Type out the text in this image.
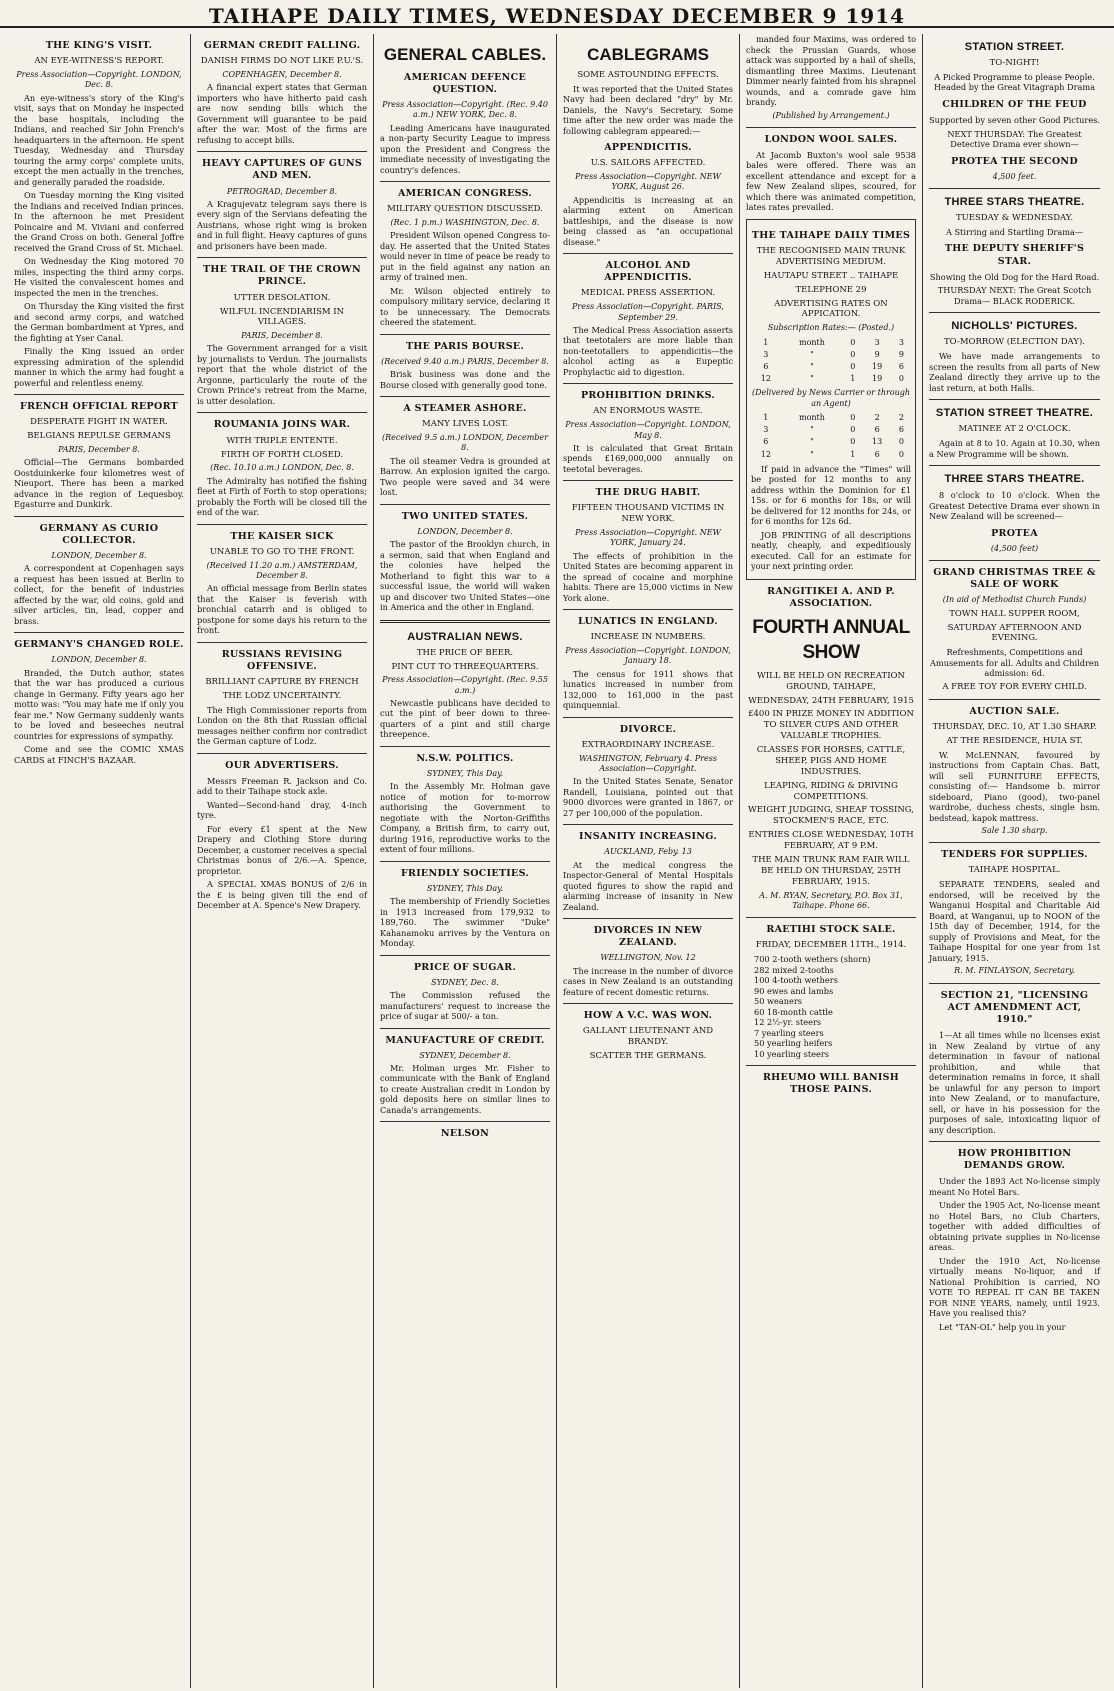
TAIHAPE DAILY TIMES, WEDNESDAY DECEMBER 9 1914
THE KING'S VISIT.
AN EYE-WITNESS'S REPORT.
Press Association—Copyright. LONDON, Dec. 8.

An eye-witness's story of the King's visit, says that on Monday he inspected the base hospitals, including the Indians, and reached Sir John French's headquarters in the afternoon. He spent Tuesday, Wednesday and Thursday touring the army corps' complete units, except the men actually in the trenches, and generally paraded the roadside.

On Tuesday morning the King visited the Indians and received Indian princes. In the afternoon he met President Poincaire and M. Viviani and conferred the Grand Cross on both. General Joffre received the Grand Cross of St. Michael.

On Wednesday the King motored 70 miles, inspecting the third army corps. He visited the convalescent homes and inspected the men in the trenches.

On Thursday the King visited the first and second army corps, and watched the German bombardment at Ypres, and the fighting at Yser Canal.

Finally the King issued an order expressing admiration of the splendid manner in which the army had fought a powerful and relentless enemy.

FRENCH OFFICIAL REPORT
DESPERATE FIGHT IN WATER.
BELGIANS REPULSE GERMANS
PARIS, December 8.

Official—The Germans bombarded Oostduinkerke four kilometres west of Nieuport. There has been a marked advance in the region of Lequesboy. Egasturre and Dunkirk.

GERMANY AS CURIO COLLECTOR.
LONDON, December 8.

A correspondent at Copenhagen says a request has been issued at Berlin to collect, for the benefit of industries affected by the war, old coins, gold and silver articles, tin, lead, copper and brass.

GERMANY'S CHANGED ROLE.
LONDON, December 8.

Branded, the Dutch author, states that the war has produced a curious change in Germany. Fifty years ago her motto was: "You may hate me if only you fear me." Now Germany suddenly wants to be loved and beseeches neutral countries for expressions of sympathy.

Come and see the COMIC XMAS CARDS at FINCH'S BAZAAR.

GERMAN CREDIT FALLING.
DANISH FIRMS DO NOT LIKE P.U.'S.
COPENHAGEN, December 8.

A financial expert states that German importers who have hitherto paid cash are now sending bills which the Government will guarantee to be paid after the war. Most of the firms are refusing to accept bills.

HEAVY CAPTURES OF GUNS AND MEN.
PETROGRAD, December 8.

A Kragujevatz telegram says there is every sign of the Servians defeating the Austrians, whose right wing is broken and in full flight. Heavy captures of guns and prisoners have been made.

THE TRAIL OF THE CROWN PRINCE.
UTTER DESOLATION.
WILFUL INCENDIARISM IN VILLAGES.
PARIS, December 8.

The Government arranged for a visit by journalists to Verdun. The journalists report that the whole district of the Argonne, particularly the route of the Crown Prince's retreat from the Marne, is utter desolation.

ROUMANIA JOINS WAR.
WITH TRIPLE ENTENTE.
FIRTH OF FORTH CLOSED.
(Rec. 10.10 a.m.) LONDON, Dec. 8.

The Admiralty has notified the fishing fleet at Firth of Forth to stop operations; probably the Forth will be closed till the end of the war.

THE KAISER SICK
UNABLE TO GO TO THE FRONT.
(Received 11.20 a.m.) AMSTERDAM, December 8.

An official message from Berlin states that the Kaiser is feverish with bronchial catarrh and is obliged to postpone for some days his return to the front.

RUSSIANS REVISING OFFENSIVE.
BRILLIANT CAPTURE BY FRENCH
THE LODZ UNCERTAINTY.

The High Commissioner reports from London on the 8th that Russian official messages neither confirm nor contradict the German capture of Lodz.

OUR ADVERTISERS.

Messrs Freeman R. Jackson and Co. add to their Taihape stock axle.

Wanted—Second-hand dray, 4-inch tyre.

For every £1 spent at the New Drapery and Clothing Store during December, a customer receives a special Christmas bonus of 2/6.—A. Spence, proprietor.

A SPECIAL XMAS BONUS of 2/6 in the £ is being given till the end of December at A. Spence's New Drapery.

GENERAL CABLES.
AMERICAN DEFENCE QUESTION.
Press Association—Copyright. (Rec. 9.40 a.m.) NEW YORK, Dec. 8.

Leading Americans have inaugurated a non-party Security League to impress upon the President and Congress the immediate necessity of investigating the country's defences.

AMERICAN CONGRESS.
MILITARY QUESTION DISCUSSED.
(Rec. 1 p.m.) WASHINGTON, Dec. 8.

President Wilson opened Congress to-day. He asserted that the United States would never in time of peace be ready to put in the field against any nation an army of trained men.

Mr. Wilson objected entirely to compulsory military service, declaring it to be unnecessary. The Democrats cheered the statement.

THE PARIS BOURSE.
(Received 9.40 a.m.) PARIS, December 8.

Brisk business was done and the Bourse closed with generally good tone.

A STEAMER ASHORE.
MANY LIVES LOST.
(Received 9.5 a.m.) LONDON, December 8.

The oil steamer Vedra is grounded at Barrow. An explosion ignited the cargo. Two people were saved and 34 were lost.

TWO UNITED STATES.
LONDON, December 8.

The pastor of the Brooklyn church, in a sermon, said that when England and the colonies have helped the Motherland to fight this war to a successful issue, the world will waken up and discover two United States—one in America and the other in England.

AUSTRALIAN NEWS.
THE PRICE OF BEER.
PINT CUT TO THREEQUARTERS.
Press Association—Copyright. (Rec. 9.55 a.m.)

Newcastle publicans have decided to cut the pint of beer down to three-quarters of a pint and still charge threepence.

N.S.W. POLITICS.
SYDNEY, This Day.

In the Assembly Mr. Holman gave notice of motion for to-morrow authorising the Government to negotiate with the Norton-Griffiths Company, a British firm, to carry out, during 1916, reproductive works to the extent of four millions.

FRIENDLY SOCIETIES.
SYDNEY, This Day.

The membership of Friendly Societies in 1913 increased from 179,932 to 189,760. The swimmer "Duke" Kahanamoku arrives by the Ventura on Monday.

PRICE OF SUGAR.
SYDNEY, Dec. 8.

The Commission refused the manufacturers' request to increase the price of sugar at 500/- a ton.

MANUFACTURE OF CREDIT.
SYDNEY, December 8.

Mr. Holman urges Mr. Fisher to communicate with the Bank of England to create Australian credit in London by gold deposits here on similar lines to Canada's arrangements.

NELSON
CABLEGRAMS
SOME ASTOUNDING EFFECTS.

It was reported that the United States Navy had been declared "dry" by Mr. Daniels, the Navy's Secretary. Some time after the new order was made the following cablegram appeared:—

APPENDICITIS.
U.S. SAILORS AFFECTED.
Press Association—Copyright. NEW YORK, August 26.

Appendicitis is increasing at an alarming extent on American battleships, and the disease is now being classed as "an occupational disease."

ALCOHOL AND APPENDICITIS.
MEDICAL PRESS ASSERTION.
Press Association—Copyright. PARIS, September 29.

The Medical Press Association asserts that teetotalers are more liable than non-teetotallers to appendicitis—the alcohol acting as a Eupeptic Prophylactic aid to digestion.

PROHIBITION DRINKS.
AN ENORMOUS WASTE.
Press Association—Copyright. LONDON, May 8.

It is calculated that Great Britain spends £169,000,000 annually on teetotal beverages.

THE DRUG HABIT.
FIFTEEN THOUSAND VICTIMS IN NEW YORK.
Press Association—Copyright. NEW YORK, January 24.

The effects of prohibition in the United States are becoming apparent in the spread of cocaine and morphine habits. There are 15,000 victims in New York alone.

LUNATICS IN ENGLAND.
INCREASE IN NUMBERS.
Press Association—Copyright. LONDON, January 18.

The census for 1911 shows that lunatics increased in number from 132,000 to 161,000 in the past quinquennial.

DIVORCE.
EXTRAORDINARY INCREASE.
WASHINGTON, February 4. Press Association—Copyright.

In the United States Senate, Senator Randell, Louisiana, pointed out that 9000 divorces were granted in 1867, or 27 per 100,000 of the population.

INSANITY INCREASING.
AUCKLAND, Feby. 13

At the medical congress the Inspector-General of Mental Hospitals quoted figures to show the rapid and alarming increase of insanity in New Zealand.

DIVORCES IN NEW ZEALAND.
WELLINGTON, Nov. 12

The increase in the number of divorce cases in New Zealand is an outstanding feature of recent domestic returns.

HOW A V.C. WAS WON.
GALLANT LIEUTENANT AND BRANDY.
SCATTER THE GERMANS.

manded four Maxims, was ordered to check the Prussian Guards, whose attack was supported by a hail of shells, dismantling three Maxims. Lieutenant Dimmer nearly fainted from his shrapnel wounds, and a comrade gave him brandy.

(Published by Arrangement.)
LONDON WOOL SALES.

At Jacomb Buxton's wool sale 9538 bales were offered. There was an excellent attendance and except for a few New Zealand slipes, scoured, for which there was animated competition, lates rates prevailed.

THE TAIHAPE DAILY TIMES
THE RECOGNISED MAIN TRUNK ADVERTISING MEDIUM.
HAUTAPU STREET .. TAIHAPE
TELEPHONE 29
ADVERTISING RATES ON APPICATION.
Subscription Rates:— (Posted.)
1	month	0	3	3
3	"	0	9	9
6	"	0	19	6
12	"	1	19	0
(Delivered by News Carrier or through an Agent)
1	month	0	2	2
3	"	0	6	6
6	"	0	13	0
12	"	1	6	0

If paid in advance the "Times" will be posted for 12 months to any address within the Dominion for £1 15s. or for 6 months for 18s, or will be delivered for 12 months for 24s, or for 6 months for 12s 6d.

JOB PRINTING of all descriptions neatly, cheaply, and expeditiously executed. Call for an estimate for your next printing order.

RANGITIKEI A. AND P. ASSOCIATION.
FOURTH ANNUAL SHOW
WILL BE HELD ON RECREATION GROUND, TAIHAPE,
WEDNESDAY, 24TH FEBRUARY, 1915
£400 IN PRIZE MONEY IN ADDITION TO SILVER CUPS AND OTHER VALUABLE TROPHIES.
CLASSES FOR HORSES, CATTLE, SHEEP, PIGS AND HOME INDUSTRIES.
LEAPING, RIDING & DRIVING COMPETITIONS.
WEIGHT JUDGING, SHEAF TOSSING, STOCKMEN'S RACE, ETC.
ENTRIES CLOSE WEDNESDAY, 10TH FEBRUARY, AT 9 P.M.
THE MAIN TRUNK RAM FAIR WILL BE HELD ON THURSDAY, 25TH FEBRUARY, 1915.
A. M. RYAN, Secretary, P.O. Box 31, Taihape. Phone 66.
RAETIHI STOCK SALE.
FRIDAY, DECEMBER 11TH., 1914.
700 2-tooth wethers (shorn)
282 mixed 2-tooths
100 4-tooth wethers
90 ewes and lambs
50 weaners
60 18-month cattle
12 2½-yr. steers
7 yearling steers
50 yearling heifers
10 yearling steers
RHEUMO WILL BANISH THOSE PAINS.
STATION STREET.
TO-NIGHT!

A Picked Programme to please People. Headed by the Great Vitagraph Drama

CHILDREN OF THE FEUD

Supported by seven other Good Pictures.

NEXT THURSDAY: The Greatest Detective Drama ever shown—

PROTEA THE SECOND
4,500 feet.
THREE STARS THEATRE.
TUESDAY & WEDNESDAY.

A Stirring and Startling Drama—

THE DEPUTY SHERIFF'S STAR.

Showing the Old Dog for the Hard Road.

THURSDAY NEXT: The Great Scotch Drama— BLACK RODERICK.

NICHOLLS' PICTURES.
TO-MORROW (ELECTION DAY).

We have made arrangements to screen the results from all parts of New Zealand directly they arrive up to the last return, at both Halls.

STATION STREET THEATRE.
MATINEE AT 2 O'CLOCK.

Again at 8 to 10. Again at 10.30, when a New Programme will be shown.

THREE STARS THEATRE.

8 o'clock to 10 o'clock. When the Greatest Detective Drama ever shown in New Zealand will be screened—

PROTEA
(4,500 feet)
GRAND CHRISTMAS TREE & SALE OF WORK
(In aid of Methodist Church Funds)
TOWN HALL SUPPER ROOM,
SATURDAY AFTERNOON AND EVENING.

Refreshments, Competitions and Amusements for all. Adults and Children admission: 6d.

A FREE TOY FOR EVERY CHILD.
AUCTION SALE.
THURSDAY, DEC. 10, AT 1.30 SHARP.
AT THE RESIDENCE, HUIA ST.

W. McLENNAN, favoured by instructions from Captain Chas. Batt, will sell FURNITURE EFFECTS, consisting of:— Handsome b. mirror sideboard, Piano (good), two-panel wardrobe, duchess chests, single bsm. bedstead, kapok mattress.

Sale 1.30 sharp.
TENDERS FOR SUPPLIES.
TAIHAPE HOSPITAL.

SEPARATE TENDERS, sealed and endorsed, will be received by the Wanganui Hospital and Charitable Aid Board, at Wanganui, up to NOON of the 15th day of December, 1914, for the supply of Provisions and Meat, for the Taihape Hospital for one year from 1st January, 1915.

R. M. FINLAYSON, Secretary.
SECTION 21, "LICENSING ACT AMENDMENT ACT, 1910."

1—At all times while no licenses exist in New Zealand by virtue of any determination in favour of national prohibition, and while that determination remains in force, it shall be unlawful for any person to import into New Zealand, or to manufacture, sell, or have in his possession for the purposes of sale, intoxicating liquor of any description.

HOW PROHIBITION DEMANDS GROW.

Under the 1893 Act No-license simply meant No Hotel Bars.

Under the 1905 Act, No-license meant no Hotel Bars, no Club Charters, together with added difficulties of obtaining private supplies in No-license areas.

Under the 1910 Act, No-license virtually means No-liquor, and if National Prohibition is carried, NO VOTE TO REPEAL IT CAN BE TAKEN FOR NINE YEARS, namely, until 1923. Have you realised this?

Let "TAN-OL" help you in your
